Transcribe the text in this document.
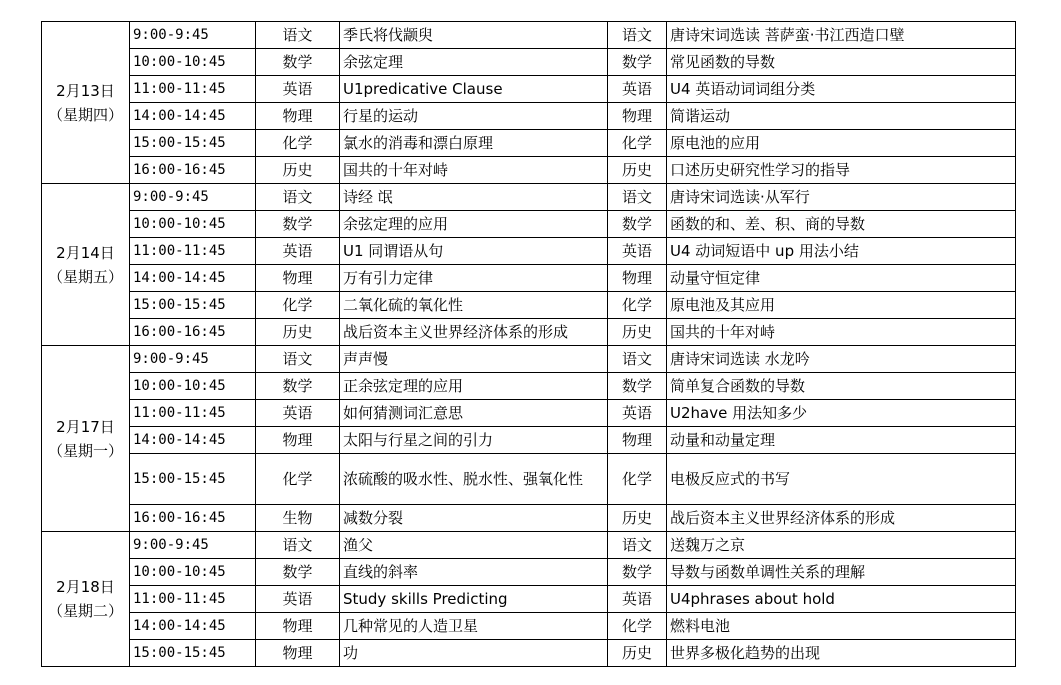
2月13日
（星期四）	9:00-9:45	语文	季氏将伐颛臾	语文	唐诗宋词选读 菩萨蛮·书江西造口壁
	10:00-10:45	数学	余弦定理	数学	常见函数的导数
	11:00-11:45	英语	U1predicative Clause	英语	U4 英语动词词组分类
	14:00-14:45	物理	行星的运动	物理	简谐运动
	15:00-15:45	化学	氯水的消毒和漂白原理	化学	原电池的应用
	16:00-16:45	历史	国共的十年对峙	历史	口述历史研究性学习的指导

2月14日
（星期五）	9:00-9:45	语文	诗经 氓	语文	唐诗宋词选读·从军行
	10:00-10:45	数学	余弦定理的应用	数学	函数的和、差、积、商的导数
	11:00-11:45	英语	U1 同谓语从句	英语	U4 动词短语中 up 用法小结
	14:00-14:45	物理	万有引力定律	物理	动量守恒定律
	15:00-15:45	化学	二氧化硫的氧化性	化学	原电池及其应用
	16:00-16:45	历史	战后资本主义世界经济体系的形成	历史	国共的十年对峙

2月17日
（星期一）	9:00-9:45	语文	声声慢	语文	唐诗宋词选读 水龙吟
	10:00-10:45	数学	正余弦定理的应用	数学	简单复合函数的导数
	11:00-11:45	英语	如何猜测词汇意思	英语	U2have 用法知多少
	14:00-14:45	物理	太阳与行星之间的引力	物理	动量和动量定理
	15:00-15:45	化学	浓硫酸的吸水性、脱水性、强氧化性	化学	电极反应式的书写
	16:00-16:45	生物	减数分裂	历史	战后资本主义世界经济体系的形成

2月18日
（星期二）	9:00-9:45	语文	渔父	语文	送魏万之京
	10:00-10:45	数学	直线的斜率	数学	导数与函数单调性关系的理解
	11:00-11:45	英语	Study skills Predicting	英语	U4phrases about hold
	14:00-14:45	物理	几种常见的人造卫星	化学	燃料电池
	15:00-15:45	物理	功	历史	世界多极化趋势的出现
